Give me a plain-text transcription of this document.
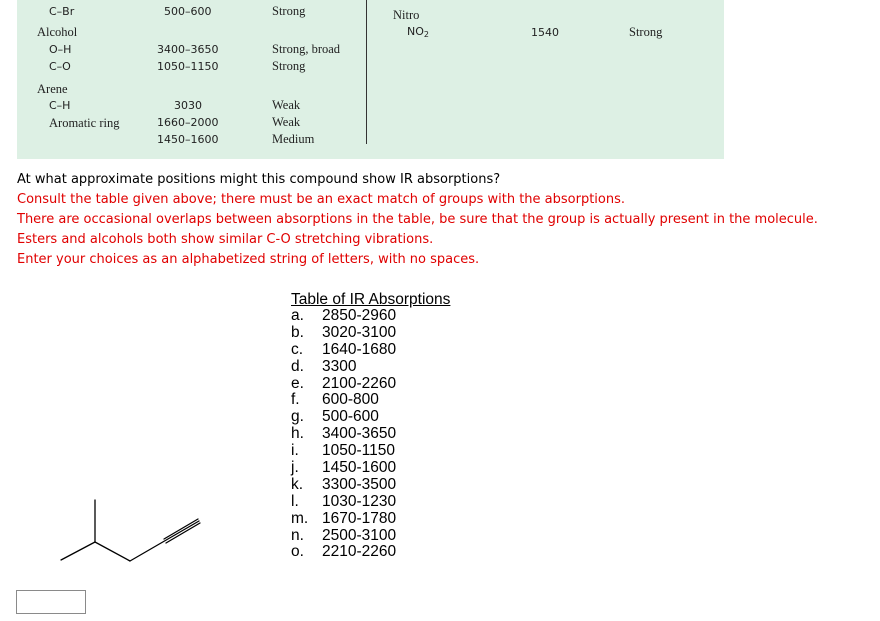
C–Br	500–600	Strong
Alcohol
O–H	3400–3650	Strong, broad
C–O	1050–1150	Strong
Arene
C–H	3030	Weak
Aromatic ring	1660–2000	Weak
1450–1600	Medium
Nitro
$NO_2$	1540	Strong
At what approximate positions might this compound show IR absorptions?
Consult the table given above; there must be an exact match of groups with the absorptions.
There are occasional overlaps between absorptions in the table, be sure that the group is actually present in the molecule.
Esters and alcohols both show similar C-O stretching vibrations.
Enter your choices as an alphabetized string of letters, with no spaces.
Table of IR Absorptions
a. 2850-2960
b. 3020-3100
c. 1640-1680
d. 3300
e. 2100-2260
f. 600-800
g. 500-600
h. 3400-3650
i. 1050-1150
j. 1450-1600
k. 3300-3500
l. 1030-1230
m. 1670-1780
n. 2500-3100
o. 2210-2260
